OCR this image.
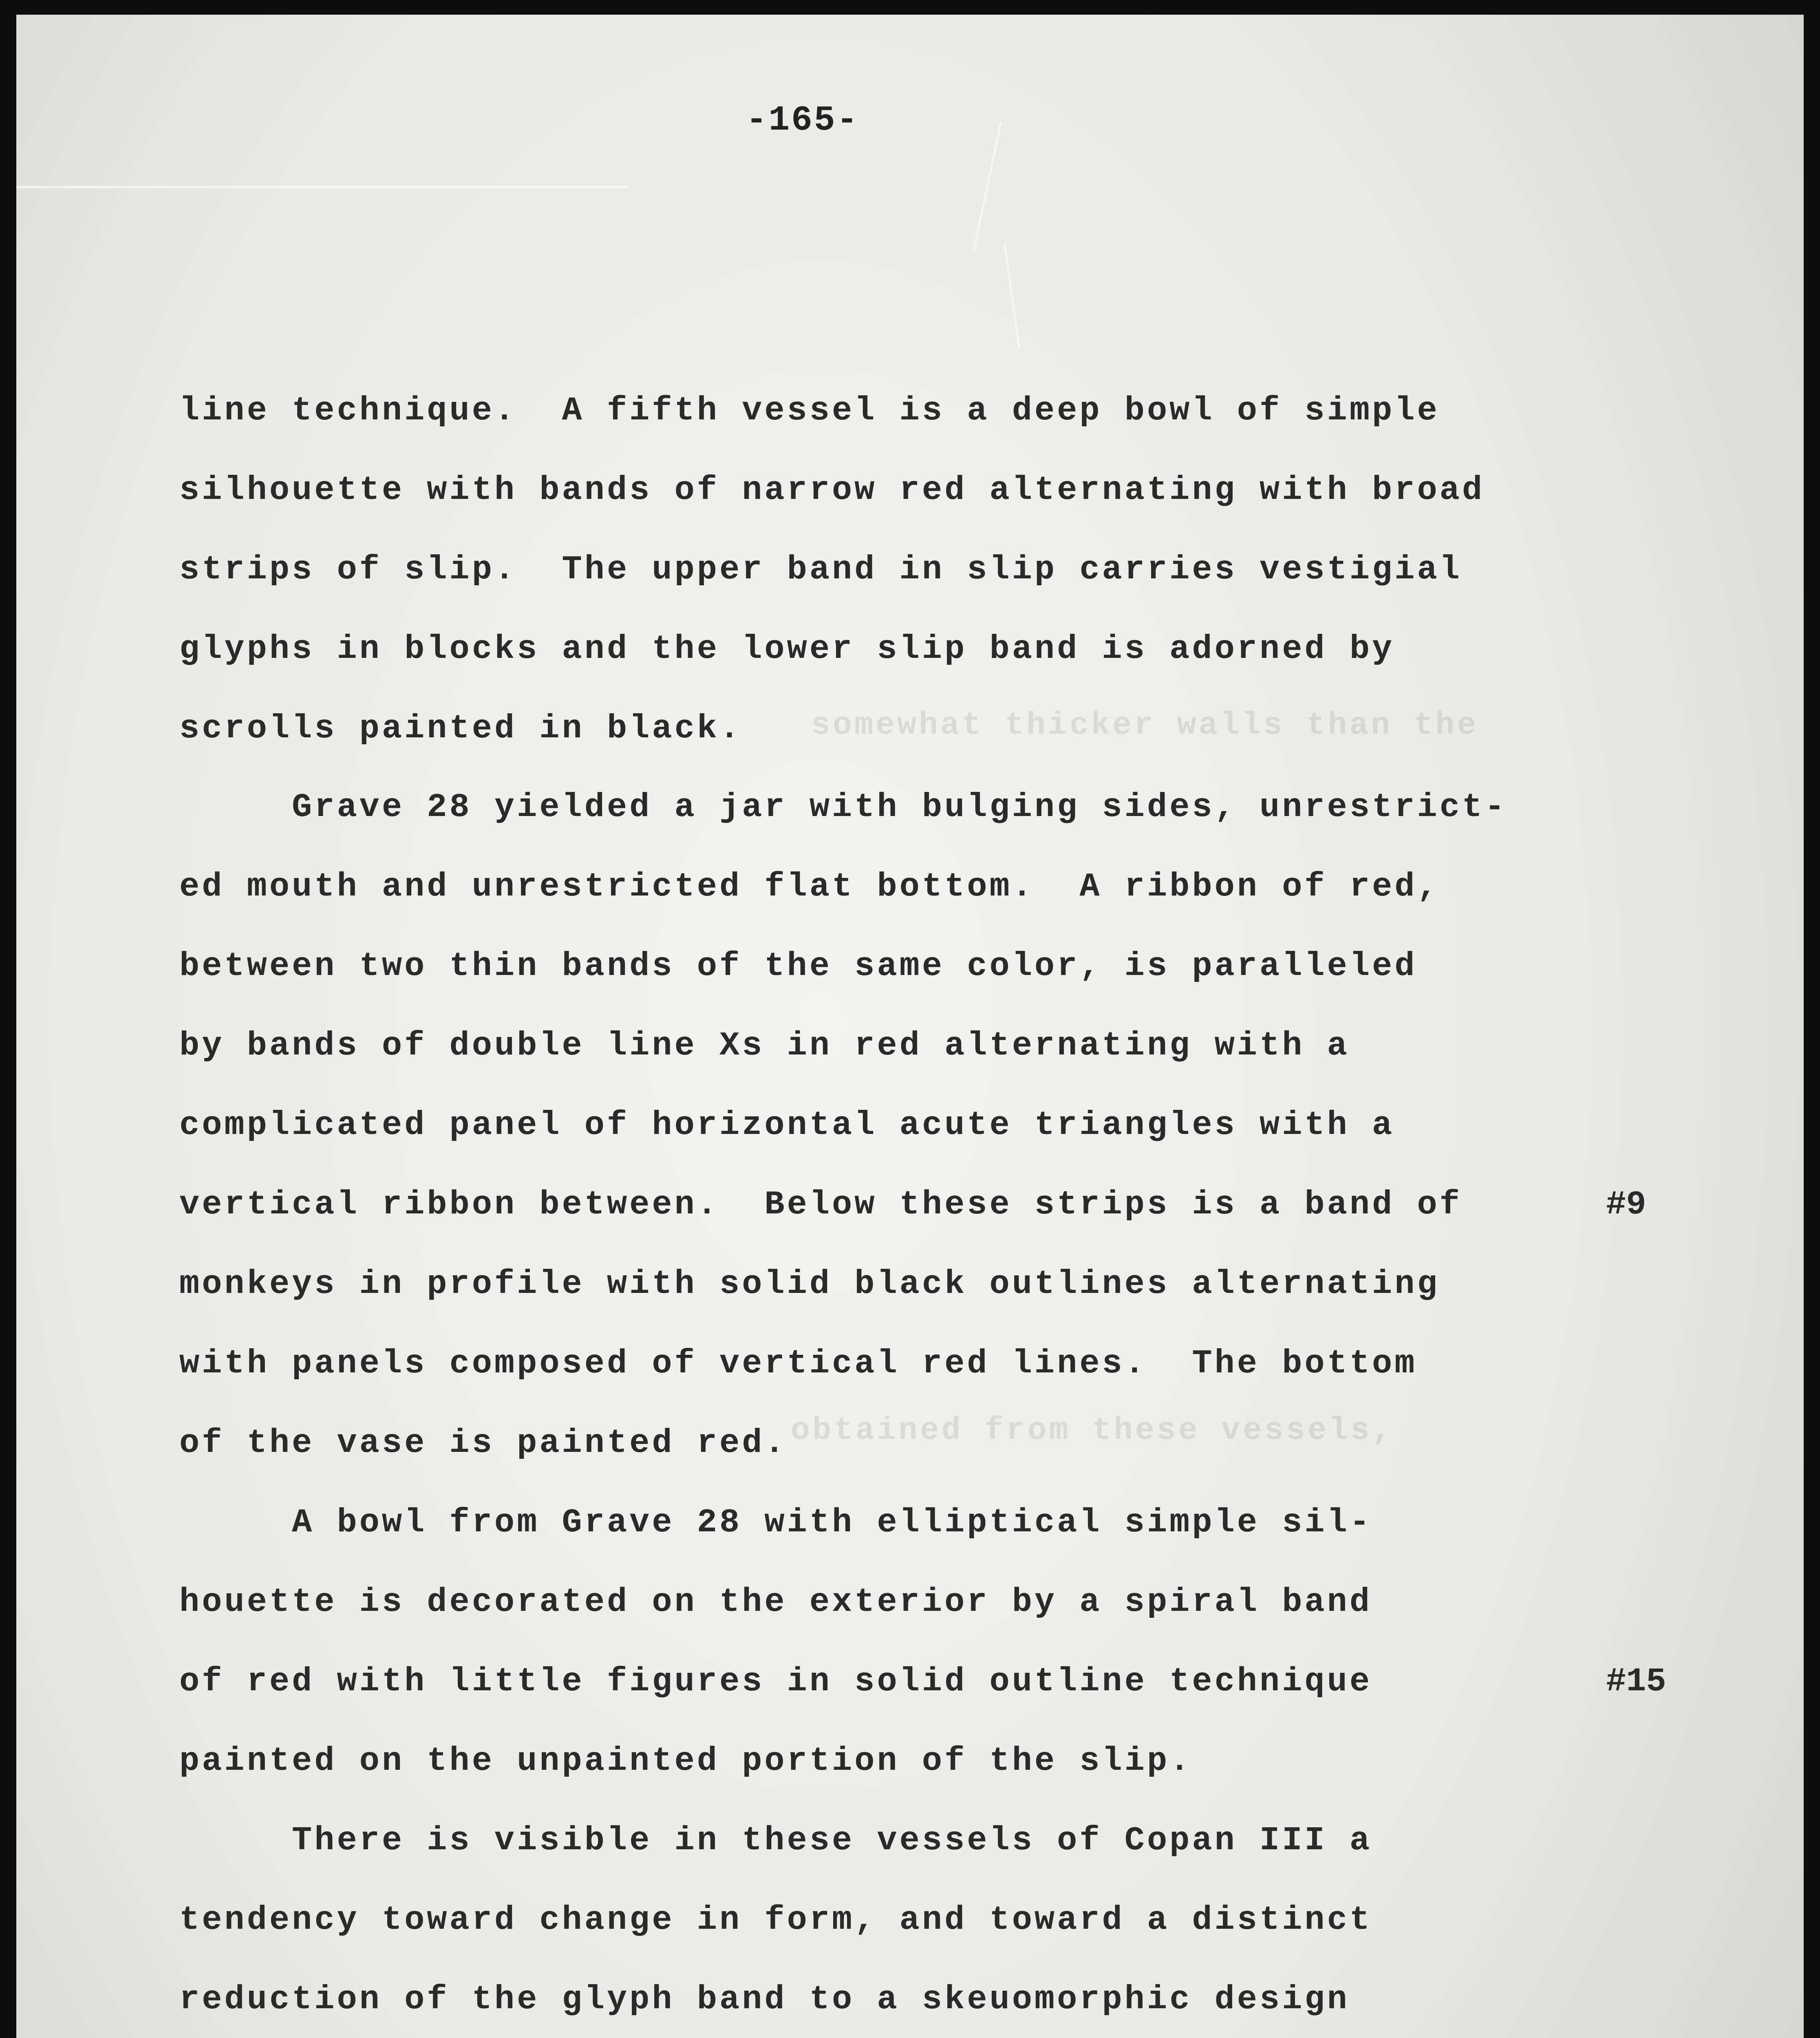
somewhat thicker walls than the
obtained from these vessels,
-165-
line technique.  A fifth vessel is a deep bowl of simple
silhouette with bands of narrow red alternating with broad
strips of slip.  The upper band in slip carries vestigial
glyphs in blocks and the lower slip band is adorned by
scrolls painted in black.
Grave 28 yielded a jar with bulging sides, unrestrict-
ed mouth and unrestricted flat bottom.  A ribbon of red,
between two thin bands of the same color, is paralleled
by bands of double line Xs in red alternating with a
complicated panel of horizontal acute triangles with a
vertical ribbon between.  Below these strips is a band of
monkeys in profile with solid black outlines alternating
with panels composed of vertical red lines.  The bottom
of the vase is painted red.
A bowl from Grave 28 with elliptical simple sil-
houette is decorated on the exterior by a spiral band
of red with little figures in solid outline technique
painted on the unpainted portion of the slip.
There is visible in these vessels of Copan III a
tendency toward change in form, and toward a distinct
reduction of the glyph band to a skeuomorphic design
#9
#15
